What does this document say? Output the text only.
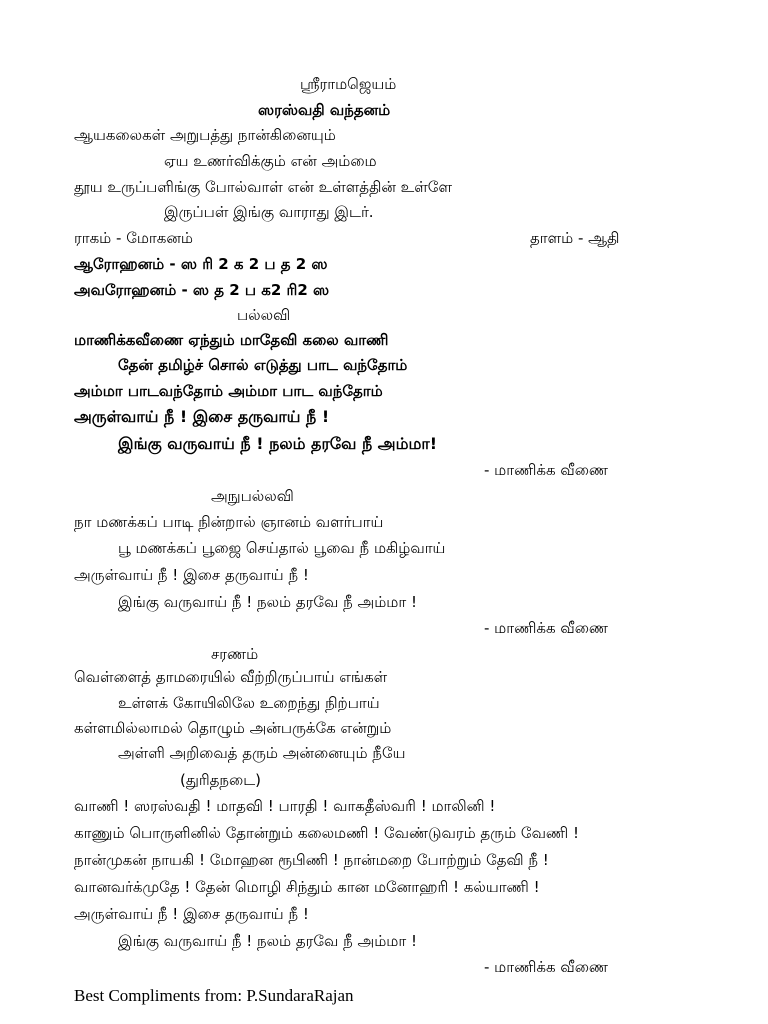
ஸ்ரீராமஜெயம்
ஸரஸ்வதி வந்தனம்
ஆயகலைகள் அறுபத்து நான்கினையும்
ஏய உணர்விக்கும் என் அம்மை
தூய உருப்பளிங்கு போல்வாள் என் உள்ளத்தின் உள்ளே
இருப்பள் இங்கு வாராது இடர்.
ராகம் - மோகனம்	தாளம் - ஆதி
ஆரோஹனம் - ஸ ரி 2 க 2 ப த 2 ஸ
அவரோஹனம் - ஸ த 2 ப க2 ரி2 ஸ
பல்லவி
மாணிக்கவீணை ஏந்தும் மாதேவி கலை வாணி
தேன் தமிழ்ச் சொல் எடுத்து பாட வந்தோம்
அம்மா பாடவந்தோம் அம்மா பாட வந்தோம்
அருள்வாய் நீ ! இசை தருவாய் நீ !
இங்கு வருவாய் நீ ! நலம் தரவே நீ அம்மா!
- மாணிக்க வீணை
அநுபல்லவி
நா மணக்கப் பாடி நின்றால் ஞானம் வளர்பாய்
பூ மணக்கப் பூஜை செய்தால் பூவை நீ மகிழ்வாய்
அருள்வாய் நீ ! இசை தருவாய் நீ !
இங்கு வருவாய் நீ ! நலம் தரவே நீ அம்மா !
- மாணிக்க வீணை
சரணம்
வெள்ளைத் தாமரையில் வீற்றிருப்பாய் எங்கள்
உள்ளக் கோயிலிலே உறைந்து நிற்பாய்
கள்ளமில்லாமல் தொழும் அன்பருக்கே என்றும்
அள்ளி அறிவைத் தரும் அன்னையும் நீயே
(துரிதநடை)
வாணி ! ஸரஸ்வதி ! மாதவி ! பாரதி ! வாகதீஸ்வரி ! மாலினி !
காணும் பொருளினில் தோன்றும் கலைமணி ! வேண்டுவரம் தரும் வேணி !
நான்முகன் நாயகி ! மோஹன ரூபிணி ! நான்மறை போற்றும் தேவி நீ !
வானவர்க்முதே ! தேன் மொழி சிந்தும் கான மனோஹரி ! கல்யாணி !
அருள்வாய் நீ ! இசை தருவாய் நீ !
இங்கு வருவாய் நீ ! நலம் தரவே நீ அம்மா !
- மாணிக்க வீணை
Best Compliments from: P.SundaraRajan
